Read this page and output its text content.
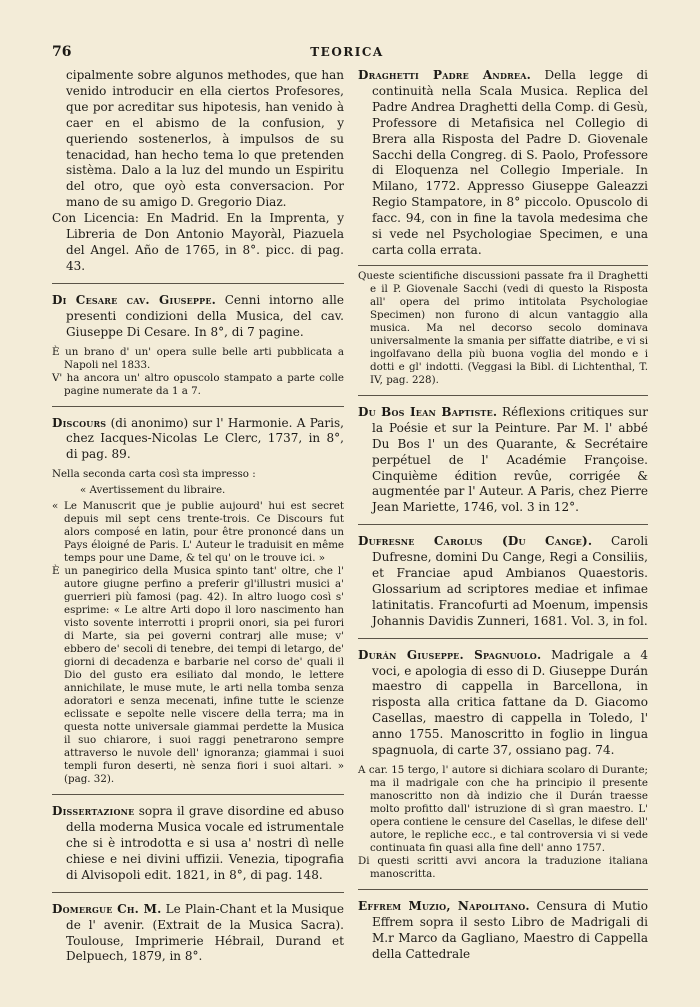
76	TEORICA

cipalmente sobre algunos methodes, que han venido introducir en ella ciertos Profesores, que por acreditar sus hipotesis, han venido à caer en el abismo de la confusion, y queriendo sostenerlos, à impulsos de su tenacidad, han hecho tema lo que pretenden sistèma. Dalo a la luz del mundo un Espiritu del otro, que oyò esta conversacion. Por mano de su amigo D. Gregorio Diaz.

Con Licencia: En Madrid. En la Imprenta, y Libreria de Don Antonio Mayoràl, Piazuela del Angel. Año de 1765, in 8°. picc. di pag. 43.

Di Cesare cav. Giuseppe. Cenni intorno alle presenti condizioni della Musica, del cav. Giuseppe Di Cesare. In 8°, di 7 pagine.

È un brano d' un' opera sulle belle arti pubblicata a Napoli nel 1833.

V' ha ancora un' altro opuscolo stampato a parte colle pagine numerate da 1 a 7.

Discours (di anonimo) sur l' Harmonie. A Paris, chez Iacques-Nicolas Le Clerc, 1737, in 8°, di pag. 89.

Nella seconda carta così sta impresso :

« Avertissement du libraire.

« Le Manuscrit que je publie aujourd' hui est secret depuis mil sept cens trente-trois. Ce Discours fut alors composé en latin, pour être prononcé dans un Pays éloigné de Paris. L' Auteur le traduisit en même temps pour une Dame, & tel qu' on le trouve ici. »

È un panegirico della Musica spinto tant' oltre, che l' autore giugne perfino a preferir gl'illustri musici a' guerrieri più famosi (pag. 42). In altro luogo così s' esprime: « Le altre Arti dopo il loro nascimento han visto sovente interrotti i proprii onori, sia pei furori di Marte, sia pei governi contrarj alle muse; v' ebbero de' secoli di tenebre, dei tempi di letargo, de' giorni di decadenza e barbarie nel corso de' quali il Dio del gusto era esiliato dal mondo, le lettere annichilate, le muse mute, le arti nella tomba senza adoratori e senza mecenati, infine tutte le scienze eclissate e sepolte nelle viscere della terra; ma in questa notte universale giammai perdette la Musica il suo chiarore, i suoi raggi penetrarono sempre attraverso le nuvole dell' ignoranza; giammai i suoi templi furon deserti, nè senza fiori i suoi altari. » (pag. 32).

Dissertazione sopra il grave disordine ed abuso della moderna Musica vocale ed istrumentale che si è introdotta e si usa a' nostri dì nelle chiese e nei divini uffizii. Venezia, tipografia di Alvisopoli edit. 1821, in 8°, di pag. 148.

Domergue Ch. M. Le Plain-Chant et la Musique de l' avenir. (Extrait de la Musica Sacra). Toulouse, Imprimerie Hébrail, Durand et Delpuech, 1879, in 8°.

Draghetti Padre Andrea. Della legge di continuità nella Scala Musica. Replica del Padre Andrea Draghetti della Comp. di Gesù, Professore di Metafisica nel Collegio di Brera alla Risposta del Padre D. Giovenale Sacchi della Congreg. di S. Paolo, Professore di Eloquenza nel Collegio Imperiale. In Milano, 1772. Appresso Giuseppe Galeazzi Regio Stampatore, in 8° piccolo. Opuscolo di facc. 94, con in fine la tavola medesima che si vede nel Psychologiae Specimen, e una carta colla errata.

Queste scientifiche discussioni passate fra il Draghetti e il P. Giovenale Sacchi (vedi di questo la Risposta all' opera del primo intitolata Psychologiae Specimen) non furono di alcun vantaggio alla musica. Ma nel decorso secolo dominava universalmente la smania per siffatte diatribe, e vi si ingolfavano della più buona voglia del mondo e i dotti e gl' indotti. (Veggasi la Bibl. di Lichtenthal, T. IV, pag. 228).

Du Bos Iean Baptiste. Réflexions critiques sur la Poésie et sur la Peinture. Par M. l' abbé Du Bos l' un des Quarante, & Secrétaire perpétuel de l' Académie Françoise. Cinquième édition revûe, corrigée & augmentée par l' Auteur. A Paris, chez Pierre Jean Mariette, 1746, vol. 3 in 12°.

Dufresne Carolus (Du Cange). Caroli Dufresne, domini Du Cange, Regi a Consiliis, et Franciae apud Ambianos Quaestoris. Glossarium ad scriptores mediae et infimae latinitatis. Francofurti ad Moenum, impensis Johannis Davidis Zunneri, 1681. Vol. 3, in fol.

Durán Giuseppe. Spagnuolo. Madrigale a 4 voci, e apologia di esso di D. Giuseppe Durán maestro di cappella in Barcellona, in risposta alla critica fattane da D. Giacomo Casellas, maestro di cappella in Toledo, l' anno 1755. Manoscritto in foglio in lingua spagnuola, di carte 37, ossiano pag. 74.

A car. 15 tergo, l' autore si dichiara scolaro di Durante; ma il madrigale con che ha principio il presente manoscritto non dà indizio che il Durán traesse molto profitto dall' istruzione di sì gran maestro. L' opera contiene le censure del Casellas, le difese dell' autore, le repliche ecc., e tal controversia vi si vede continuata fin quasi alla fine dell' anno 1757.

Di questi scritti avvi ancora la traduzione italiana manoscritta.

Effrem Muzio, Napolitano. Censura di Mutio Effrem sopra il sesto Libro de Madrigali di M.r Marco da Gagliano, Maestro di Cappella della Cattedrale
